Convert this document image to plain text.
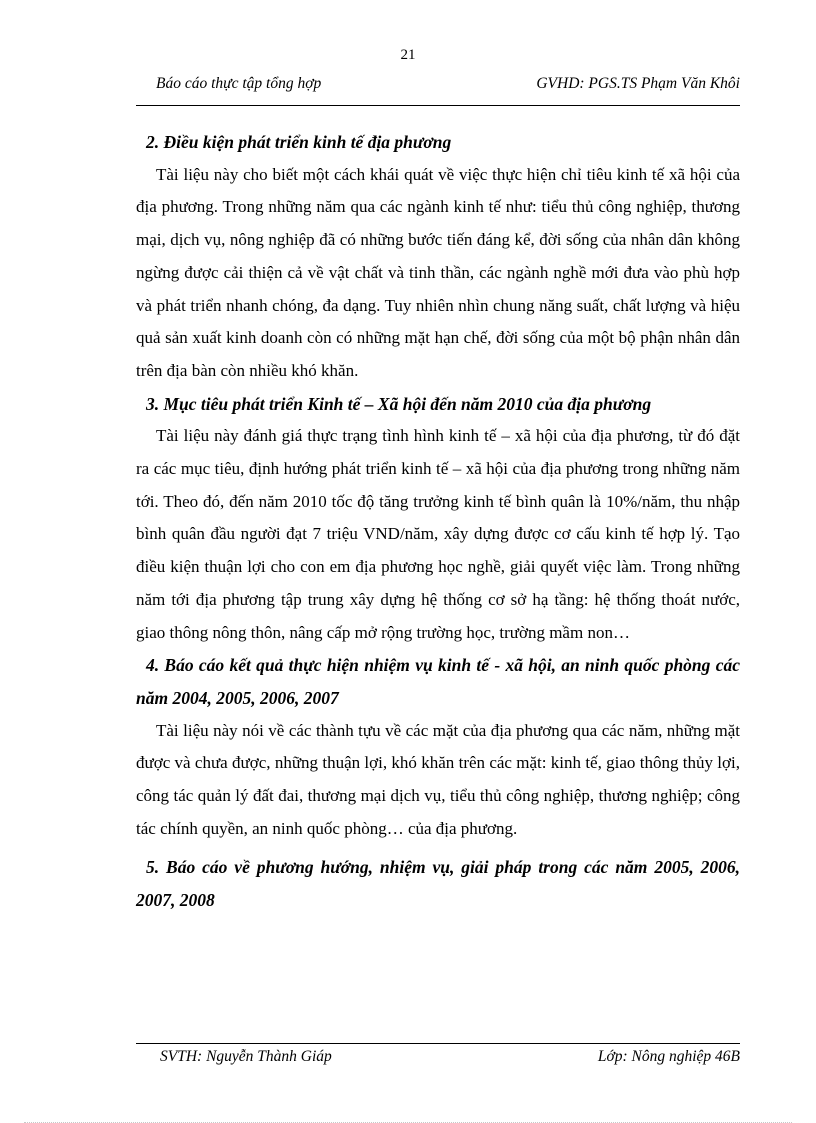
21
Báo cáo thực tập tổng hợp	GVHD: PGS.TS Phạm Văn Khôi
2. Điều kiện phát triển kinh tế địa phương

Tài liệu này cho biết một cách khái quát về việc thực hiện chỉ tiêu kinh tế xã hội của địa phương. Trong những năm qua các ngành kinh tế như: tiểu thủ công nghiệp, thương mại, dịch vụ, nông nghiệp đã có những bước tiến đáng kể, đời sống của nhân dân không ngừng được cải thiện cả về vật chất và tinh thần, các ngành nghề mới đưa vào phù hợp và phát triển nhanh chóng, đa dạng. Tuy nhiên nhìn chung năng suất, chất lượng và hiệu quả sản xuất kinh doanh còn có những mặt hạn chế, đời sống của một bộ phận nhân dân trên địa bàn còn nhiều khó khăn.

3. Mục tiêu phát triển Kinh tế – Xã hội đến năm 2010 của địa phương

Tài liệu này đánh giá thực trạng tình hình kinh tế – xã hội của địa phương, từ đó đặt ra các mục tiêu, định hướng phát triển kinh tế – xã hội của địa phương trong những năm tới. Theo đó, đến năm 2010 tốc độ tăng trưởng kinh tế bình quân là 10%/năm, thu nhập bình quân đầu người đạt 7 triệu VND/năm, xây dựng được cơ cấu kinh tế hợp lý. Tạo điều kiện thuận lợi cho con em địa phương học nghề, giải quyết việc làm. Trong những năm tới địa phương tập trung xây dựng hệ thống cơ sở hạ tầng: hệ thống thoát nước, giao thông nông thôn, nâng cấp mở rộng trường học, trường mầm non…

4. Báo cáo kết quả thực hiện nhiệm vụ kinh tế - xã hội, an ninh quốc phòng các năm 2004, 2005, 2006, 2007

Tài liệu này nói về các thành tựu về các mặt của địa phương qua các năm, những mặt được và chưa được, những thuận lợi, khó khăn trên các mặt: kinh tế, giao thông thủy lợi, công tác quản lý đất đai, thương mại dịch vụ, tiểu thủ công nghiệp, thương nghiệp; công tác chính quyền, an ninh quốc phòng… của địa phương.

5. Báo cáo về phương hướng, nhiệm vụ, giải pháp trong các năm 2005, 2006, 2007, 2008
SVTH: Nguyễn Thành Giáp	Lớp: Nông nghiệp 46B
